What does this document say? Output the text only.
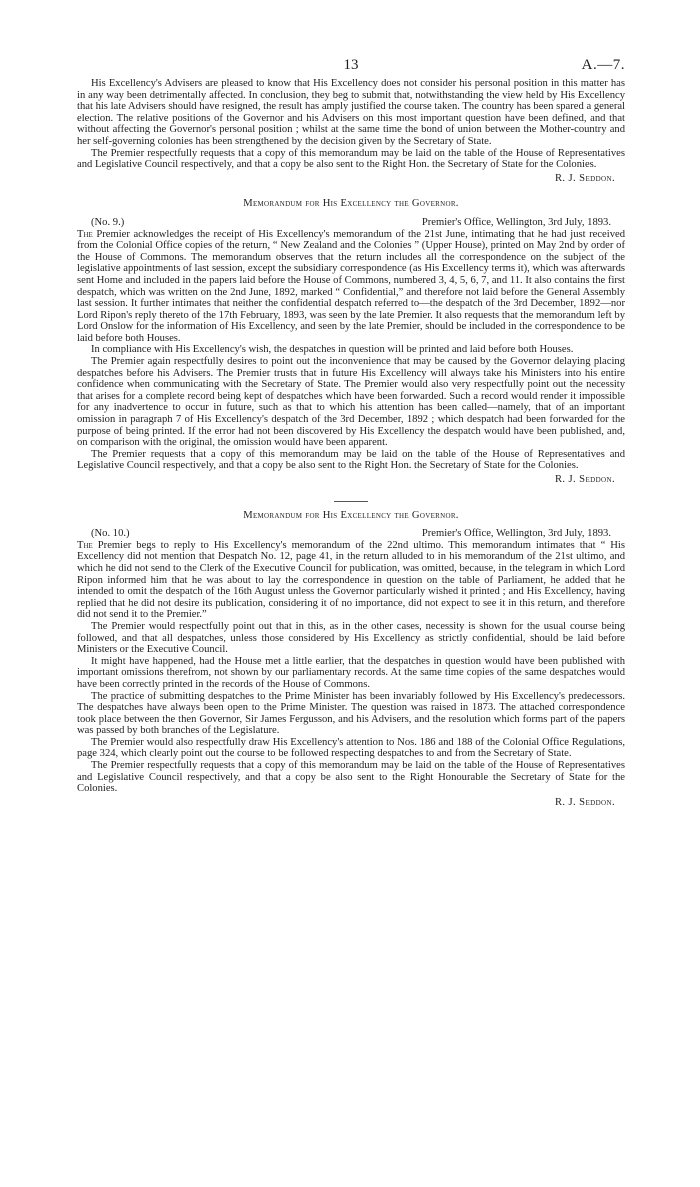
13	A.—7.

His Excellency's Advisers are pleased to know that His Excellency does not consider his personal position in this matter has in any way been detrimentally affected. In conclusion, they beg to submit that, notwithstanding the view held by His Excellency that his late Advisers should have resigned, the result has amply justified the course taken. The country has been spared a general election. The relative positions of the Governor and his Advisers on this most important question have been defined, and that without affecting the Governor's personal position ; whilst at the same time the bond of union between the Mother-country and her self-governing colonies has been strengthened by the decision given by the Secretary of State.

The Premier respectfully requests that a copy of this memorandum may be laid on the table of the House of Representatives and Legislative Council respectively, and that a copy be also sent to the Right Hon. the Secretary of State for the Colonies.

R. J. Seddon.
Memorandum for His Excellency the Governor.
(No. 9.)	Premier's Office, Wellington, 3rd July, 1893.

The Premier acknowledges the receipt of His Excellency's memorandum of the 21st June, intimating that he had just received from the Colonial Office copies of the return, “ New Zealand and the Colonies ” (Upper House), printed on May 2nd by order of the House of Commons. The memorandum observes that the return includes all the correspondence on the subject of the legislative appointments of last session, except the subsidiary correspondence (as His Excellency terms it), which was afterwards sent Home and included in the papers laid before the House of Commons, numbered 3, 4, 5, 6, 7, and 11. It also contains the first despatch, which was written on the 2nd June, 1892, marked “ Confidential,” and therefore not laid before the General Assembly last session. It further intimates that neither the confidential despatch referred to—the despatch of the 3rd December, 1892—nor Lord Ripon's reply thereto of the 17th February, 1893, was seen by the late Premier. It also requests that the memorandum left by Lord Onslow for the information of His Excellency, and seen by the late Premier, should be included in the correspondence to be laid before both Houses.

In compliance with His Excellency's wish, the despatches in question will be printed and laid before both Houses.

The Premier again respectfully desires to point out the inconvenience that may be caused by the Governor delaying placing despatches before his Advisers. The Premier trusts that in future His Excellency will always take his Ministers into his entire confidence when communicating with the Secretary of State. The Premier would also very respectfully point out the necessity that arises for a complete record being kept of despatches which have been forwarded. Such a record would render it impossible for any inadvertence to occur in future, such as that to which his attention has been called—namely, that of an important omission in paragraph 7 of His Excellency's despatch of the 3rd December, 1892 ; which despatch had been forwarded for the purpose of being printed. If the error had not been discovered by His Excellency the despatch would have been published, and, on comparison with the original, the omission would have been apparent.

The Premier requests that a copy of this memorandum may be laid on the table of the House of Representatives and Legislative Council respectively, and that a copy be also sent to the Right Hon. the Secretary of State for the Colonies.

R. J. Seddon.
Memorandum for His Excellency the Governor.
(No. 10.)	Premier's Office, Wellington, 3rd July, 1893.

The Premier begs to reply to His Excellency's memorandum of the 22nd ultimo. This memorandum intimates that “ His Excellency did not mention that Despatch No. 12, page 41, in the return alluded to in his memorandum of the 21st ultimo, and which he did not send to the Clerk of the Executive Council for publication, was omitted, because, in the telegram in which Lord Ripon informed him that he was about to lay the correspondence in question on the table of Parliament, he added that he intended to omit the despatch of the 16th August unless the Governor particularly wished it printed ; and His Excellency, having replied that he did not desire its publication, considering it of no importance, did not expect to see it in this return, and therefore did not send it to the Premier.”

The Premier would respectfully point out that in this, as in the other cases, necessity is shown for the usual course being followed, and that all despatches, unless those considered by His Excellency as strictly confidential, should be laid before Ministers or the Executive Council.

It might have happened, had the House met a little earlier, that the despatches in question would have been published with important omissions therefrom, not shown by our parliamentary records. At the same time copies of the same despatches would have been correctly printed in the records of the House of Commons.

The practice of submitting despatches to the Prime Minister has been invariably followed by His Excellency's predecessors. The despatches have always been open to the Prime Minister. The question was raised in 1873. The attached correspondence took place between the then Governor, Sir James Fergusson, and his Advisers, and the resolution which forms part of the papers was passed by both branches of the Legislature.

The Premier would also respectfully draw His Excellency's attention to Nos. 186 and 188 of the Colonial Office Regulations, page 324, which clearly point out the course to be followed respecting despatches to and from the Secretary of State.

The Premier respectfully requests that a copy of this memorandum may be laid on the table of the House of Representatives and Legislative Council respectively, and that a copy be also sent to the Right Honourable the Secretary of State for the Colonies.

R. J. Seddon.
